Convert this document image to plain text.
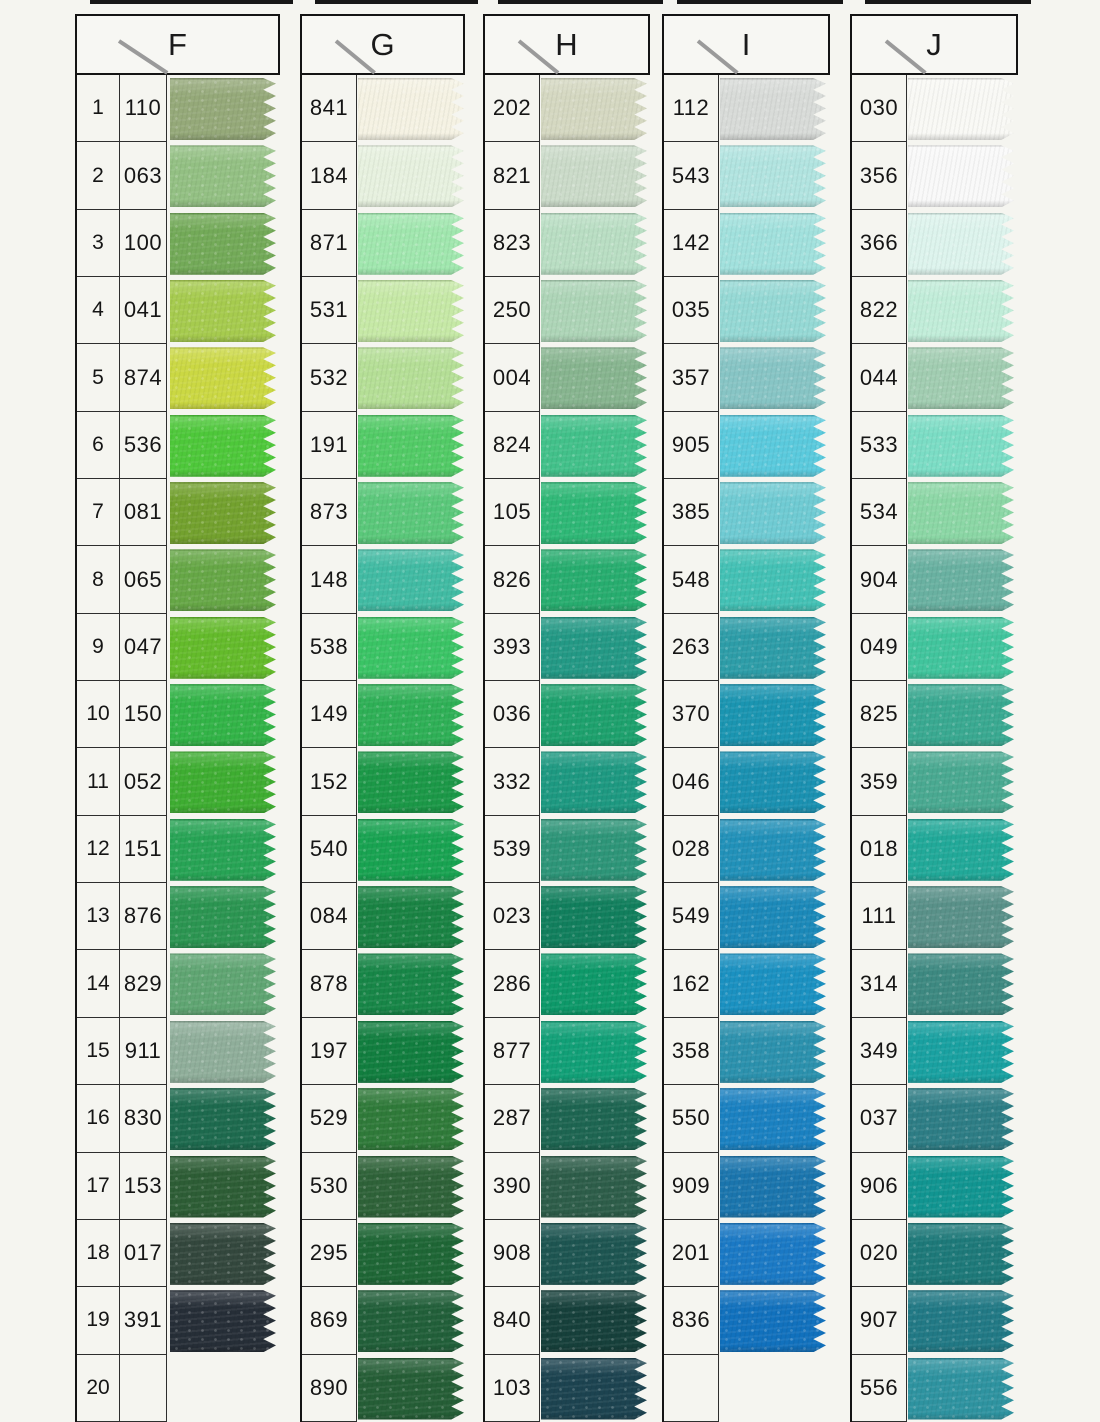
F
1 110
2 063
3 100
4 041
5 874
6 536
7 081
8 065
9 047
10 150
11 052
12 151
13 876
14 829
15 911
16 830
17 153
18 017
19 391
20
G
841
184
871
531
532
191
873
148
538
149
152
540
084
878
197
529
530
295
869
890
H
202
821
823
250
004
824
105
826
393
036
332
539
023
286
877
287
390
908
840
103
I
112
543
142
035
357
905
385
548
263
370
046
028
549
162
358
550
909
201
836
J
030
356
366
822
044
533
534
904
049
825
359
018
111
314
349
037
906
020
907
556
